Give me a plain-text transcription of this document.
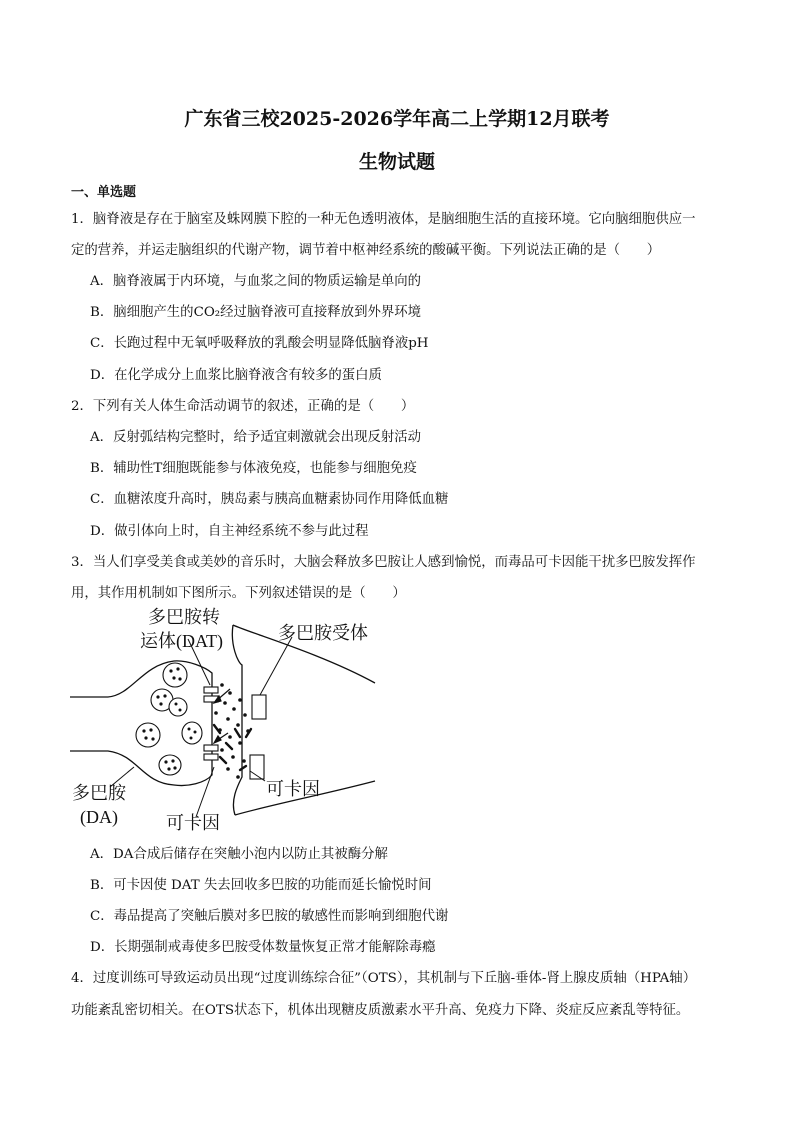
广东省三校2025-2026学年高二上学期12月联考
生物试题
一、单选题
1．脑脊液是存在于脑室及蛛网膜下腔的一种无色透明液体，是脑细胞生活的直接环境。它向脑细胞供应一
定的营养，并运走脑组织的代谢产物，调节着中枢神经系统的酸碱平衡。下列说法正确的是（　　）
A．脑脊液属于内环境，与血浆之间的物质运输是单向的
B．脑细胞产生的CO₂经过脑脊液可直接释放到外界环境
C．长跑过程中无氧呼吸释放的乳酸会明显降低脑脊液pH
D．在化学成分上血浆比脑脊液含有较多的蛋白质
2．下列有关人体生命活动调节的叙述，正确的是（　　）
A．反射弧结构完整时，给予适宜刺激就会出现反射活动
B．辅助性T细胞既能参与体液免疫，也能参与细胞免疫
C．血糖浓度升高时，胰岛素与胰高血糖素协同作用降低血糖
D．做引体向上时，自主神经系统不参与此过程
3．当人们享受美食或美妙的音乐时，大脑会释放多巴胺让人感到愉悦，而毒品可卡因能干扰多巴胺发挥作
用，其作用机制如下图所示。下列叙述错误的是（　　）
多巴胺转
运体(DAT)	多巴胺受体
多巴胺
(DA)
可卡因
可卡因
A．DA合成后储存在突触小泡内以防止其被酶分解
B．可卡因使 DAT 失去回收多巴胺的功能而延长愉悦时间
C．毒品提高了突触后膜对多巴胺的敏感性而影响到细胞代谢
D．长期强制戒毒使多巴胺受体数量恢复正常才能解除毒瘾
4．过度训练可导致运动员出现“过度训练综合征”（OTS），其机制与下丘脑-垂体-肾上腺皮质轴（HPA轴）
功能紊乱密切相关。在OTS状态下，机体出现糖皮质激素水平升高、免疫力下降、炎症反应紊乱等特征。
